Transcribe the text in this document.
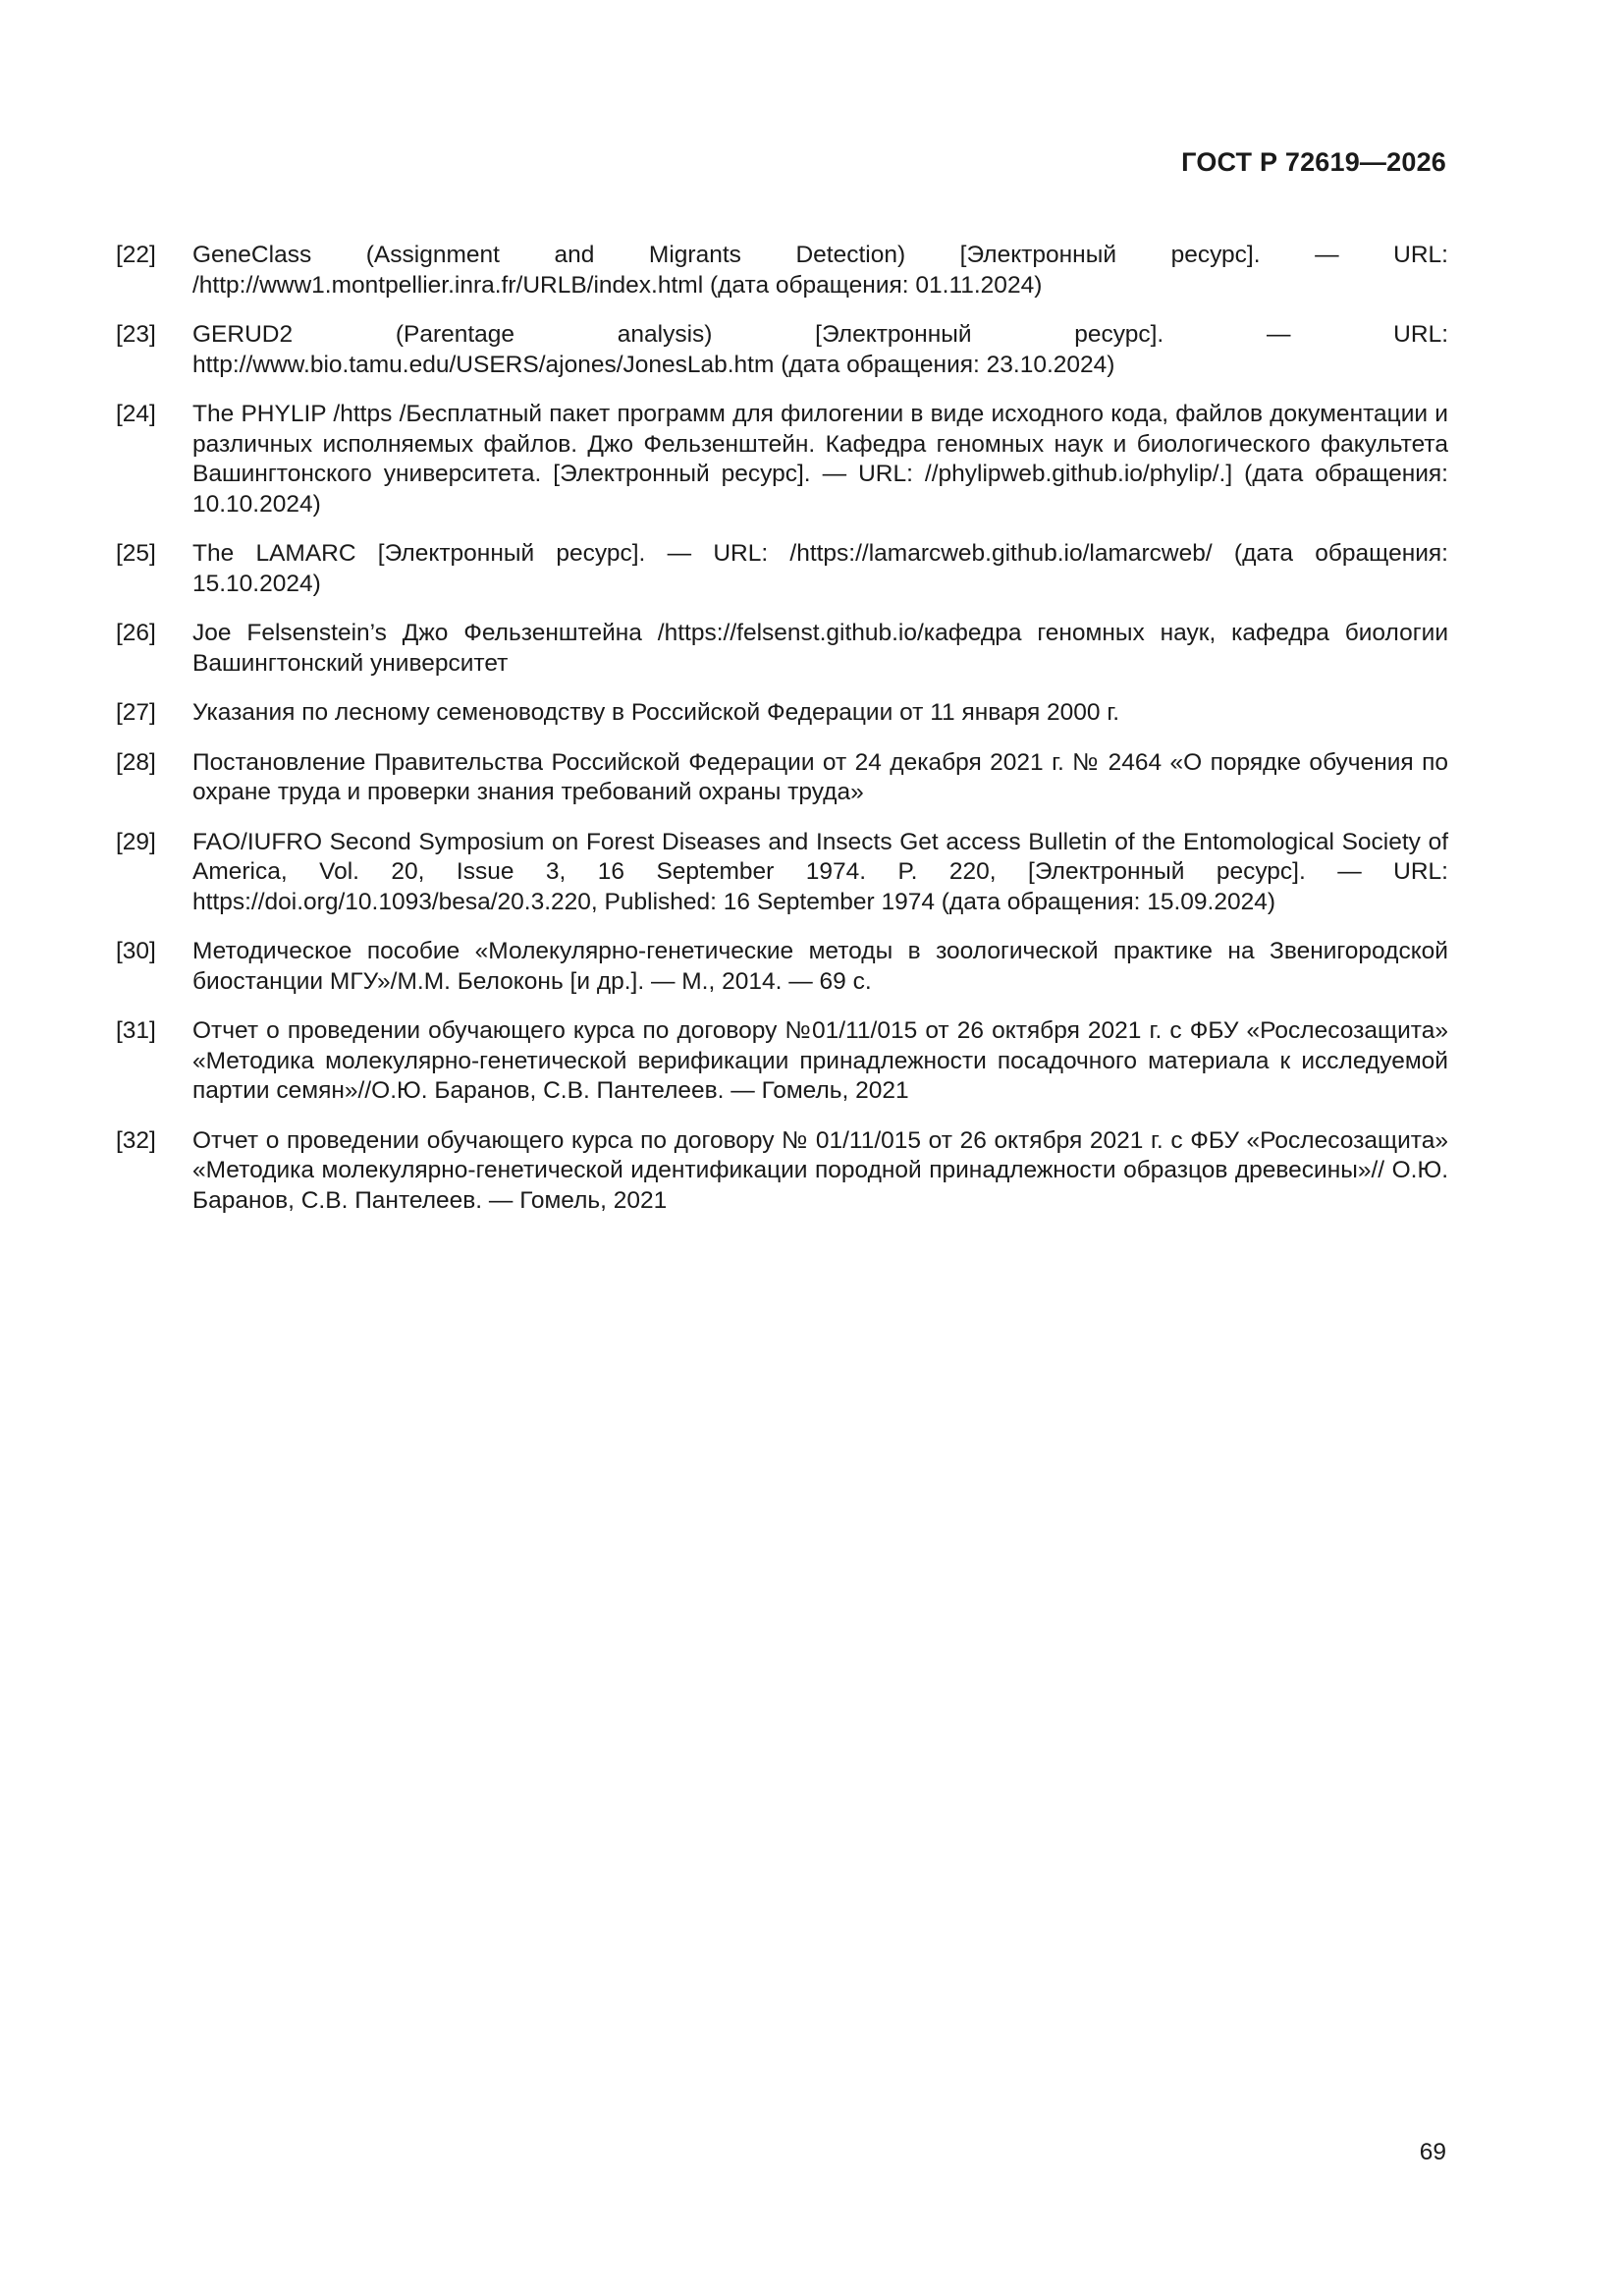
ГОСТ Р 72619—2026
[22]	GeneClass (Assignment and Migrants Detection) [Электронный ресурс]. — URL: /http://www1.montpellier.inra.fr/URLB/index.html (дата обращения: 01.11.2024)
[23]	GERUD2 (Parentage analysis) [Электронный ресурс]. — URL: http://www.bio.tamu.edu/USERS/ajones/JonesLab.htm (дата обращения: 23.10.2024)
[24]	The PHYLIP /https /Бесплатный пакет программ для филогении в виде исходного кода, файлов документации и различных исполняемых файлов. Джо Фельзенштейн. Кафедра геномных наук и биологического факультета Вашингтонского университета. [Электронный ресурс]. — URL: //phylipweb.github.io/phylip/.] (дата обращения: 10.10.2024)
[25]	The LAMARC [Электронный ресурс]. — URL: /https://lamarcweb.github.io/lamarcweb/ (дата обращения: 15.10.2024)
[26]	Joe Felsenstein’s Джо Фельзенштейна /https://felsenst.github.io/кафедра геномных наук, кафедра биологии Вашингтонский университет
[27]	Указания по лесному семеноводству в Российской Федерации от 11 января 2000 г.
[28]	Постановление Правительства Российской Федерации от 24 декабря 2021 г. № 2464 «О порядке обучения по охране труда и проверки знания требований охраны труда»
[29]	FAO/IUFRO Second Symposium on Forest Diseases and Insects Get access Bulletin of the Entomological Society of America, Vol. 20, Issue 3, 16 September 1974. P. 220, [Электронный ресурс]. — URL: https://doi.org/10.1093/besa/20.3.220, Published: 16 September 1974 (дата обращения: 15.09.2024)
[30]	Методическое пособие «Молекулярно-генетические методы в зоологической практике на Звенигородской биостанции МГУ»/М.М. Белоконь [и др.]. — М., 2014. — 69 с.
[31]	Отчет о проведении обучающего курса по договору №01/11/015 от 26 октября 2021 г. с ФБУ «Рослесозащита» «Методика молекулярно-генетической верификации принадлежности посадочного материала к исследуемой партии семян»//О.Ю. Баранов, С.В. Пантелеев. — Гомель, 2021
[32]	Отчет о проведении обучающего курса по договору № 01/11/015 от 26 октября 2021 г. с ФБУ «Рослесозащита» «Методика молекулярно-генетической идентификации породной принадлежности образцов древесины»// О.Ю. Баранов, С.В. Пантелеев. — Гомель, 2021
69
